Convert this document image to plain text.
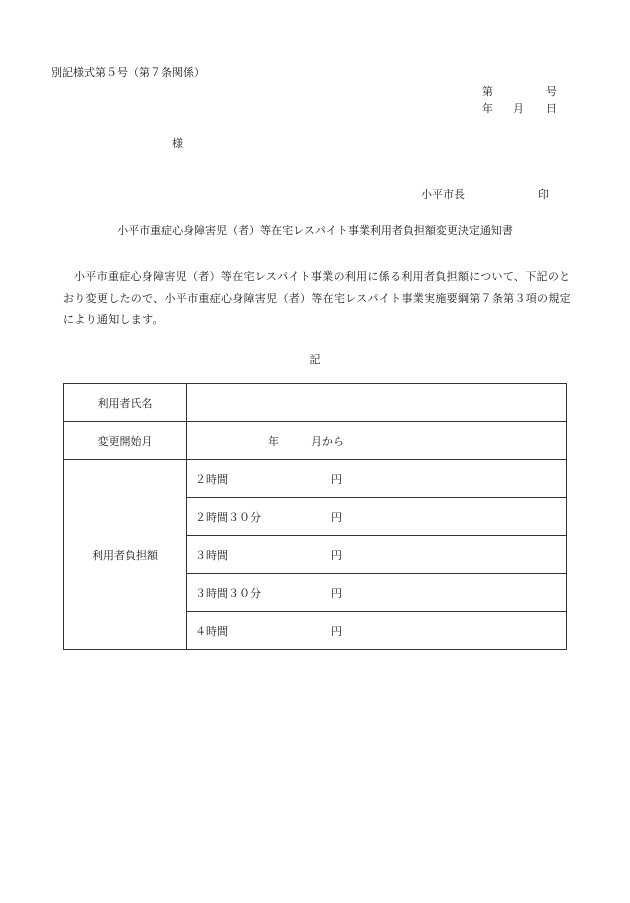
別記様式第５号（第７条関係）
第	号
年 月 日
様
小平市長	印
小平市重症心身障害児（者）等在宅レスパイト事業利用者負担額変更決定通知書
小平市重症心身障害児（者）等在宅レスパイト事業の利用に係る利用者負担額について、下記のとおり変更したので、小平市重症心身障害児（者）等在宅レスパイト事業実施要綱第７条第３項の規定により通知します。
記
利用者氏名	
変更開始月	年 月から

利用者負担額	２時間 円

	２時間３０分 円

	３時間 円

	３時間３０分 円

	４時間 円
